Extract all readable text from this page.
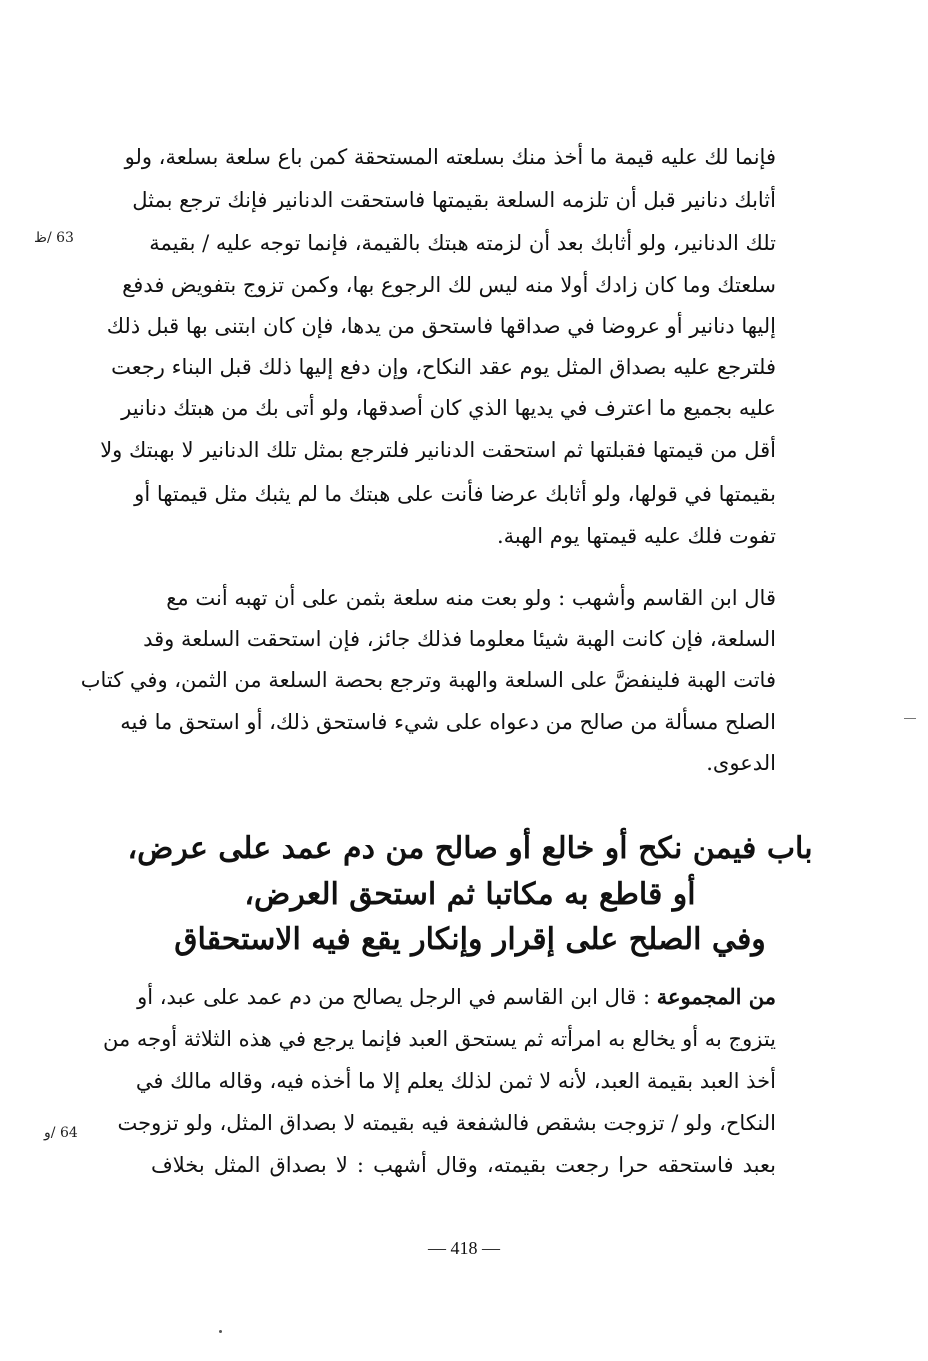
فإنما لك عليه قيمة ما أخذ منك بسلعته المستحقة كمن باع سلعة بسلعة، ولو
أثابك دنانير قبل أن تلزمه السلعة بقيمتها فاستحقت الدنانير فإنك ترجع بمثل
تلك الدنانير، ولو أثابك بعد أن لزمته هبتك بالقيمة، فإنما توجه عليه / بقيمة
سلعتك وما كان زادك أولا منه ليس لك الرجوع بها، وكمن تزوج بتفويض فدفع
إليها دنانير أو عروضا في صداقها فاستحق من يدها، فإن كان ابتنى بها قبل ذلك
فلترجع عليه بصداق المثل يوم عقد النكاح، وإن دفع إليها ذلك قبل البناء رجعت
عليه بجميع ما اعترف في يديها الذي كان أصدقها، ولو أتى بك من هبتك دنانير
أقل من قيمتها فقبلتها ثم استحقت الدنانير فلترجع بمثل تلك الدنانير لا بهبتك ولا
بقيمتها في قولها، ولو أثابك عرضا فأنت على هبتك ما لم يثبك مثل قيمتها أو
تفوت فلك عليه قيمتها يوم الهبة.
63 /ظ
قال ابن القاسم وأشهب : ولو بعت منه سلعة بثمن على أن تهبه أنت مع
السلعة، فإن كانت الهبة شيئا معلوما فذلك جائز، فإن استحقت السلعة وقد
فاتت الهبة فلينفضَّ على السلعة والهبة وترجع بحصة السلعة من الثمن، وفي كتاب
الصلح مسألة من صالح من دعواه على شيء فاستحق ذلك، أو استحق ما فيه
الدعوى.
باب فيمن نكح أو خالع أو صالح من دم عمد على عرض،
أو قاطع به مكاتبا ثم استحق العرض،
وفي الصلح على إقرار وإنكار يقع فيه الاستحقاق
من المجموعة : قال ابن القاسم في الرجل يصالح من دم عمد على عبد، أو
يتزوج به أو يخالع به امرأته ثم يستحق العبد فإنما يرجع في هذه الثلاثة أوجه من
أخذ العبد بقيمة العبد، لأنه لا ثمن لذلك يعلم إلا ما أخذه فيه، وقاله مالك في
النكاح، ولو / تزوجت بشقص فالشفعة فيه بقيمته لا بصداق المثل، ولو تزوجت
بعبد فاستحقه حرا رجعت بقيمته، وقال أشهب : لا بصداق المثل بخلاف
64 /و
— 418 —
